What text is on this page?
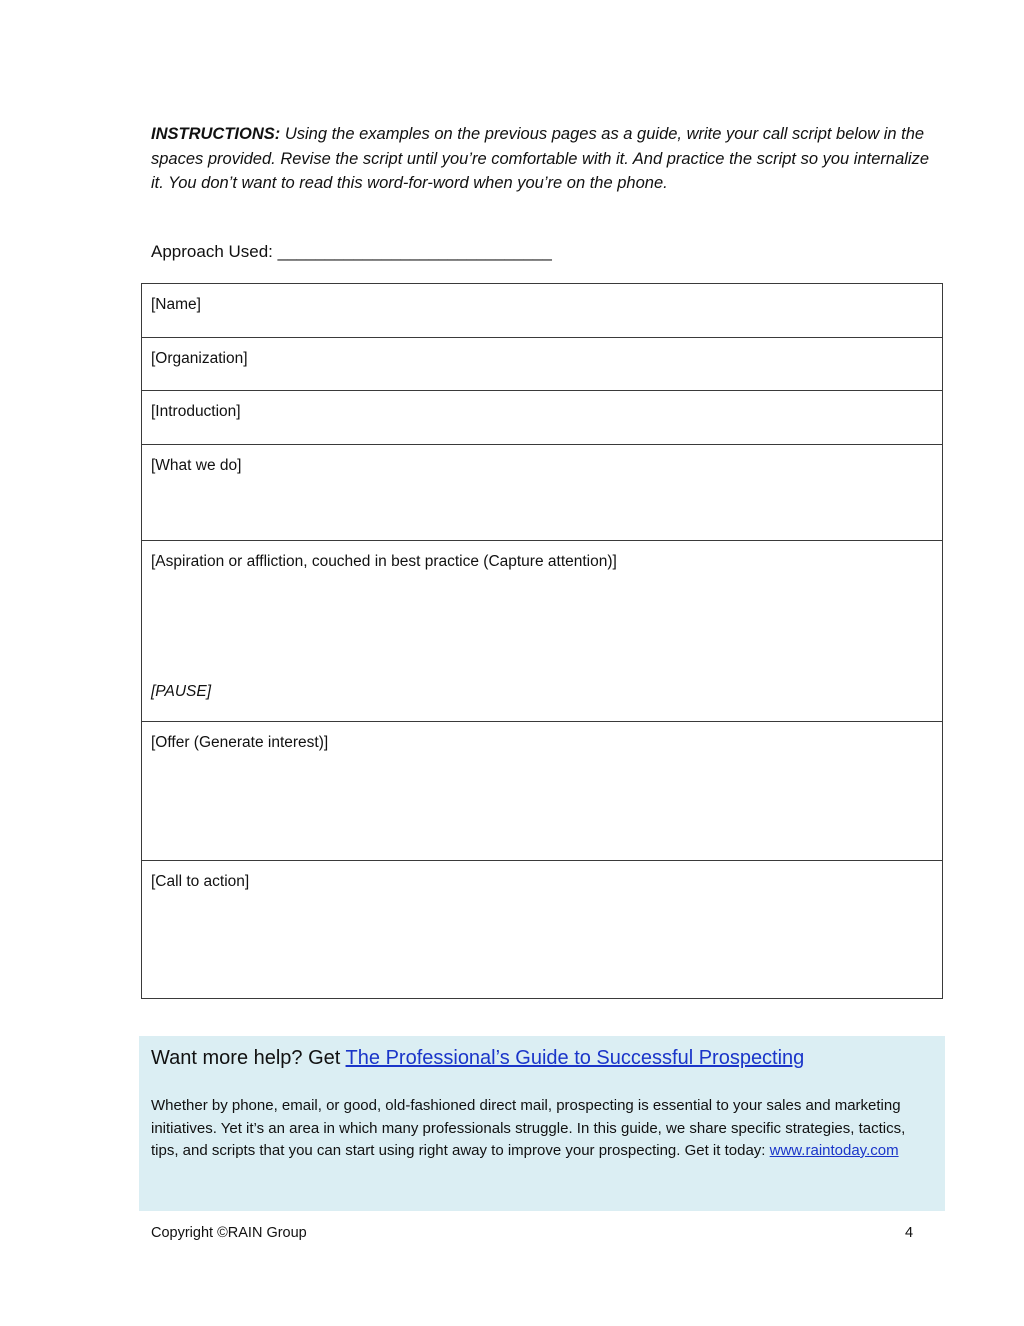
INSTRUCTIONS: Using the examples on the previous pages as a guide, write your call script below in the spaces provided. Revise the script until you’re comfortable with it. And practice the script so you internalize it. You don’t want to read this word-for-word when you’re on the phone.

Approach Used: _____________________________
[Name]
[Organization]
[Introduction]
[What we do]
[Aspiration or affliction, couched in best practice (Capture attention)]
[PAUSE]
[Offer (Generate interest)]
[Call to action]
Want more help? Get The Professional’s Guide to Successful Prospecting

Whether by phone, email, or good, old-fashioned direct mail, prospecting is essential to your sales and marketing initiatives. Yet it’s an area in which many professionals struggle. In this guide, we share specific strategies, tactics, tips, and scripts that you can start using right away to improve your prospecting. Get it today: www.raintoday.com

Copyright ©RAIN Group	4
